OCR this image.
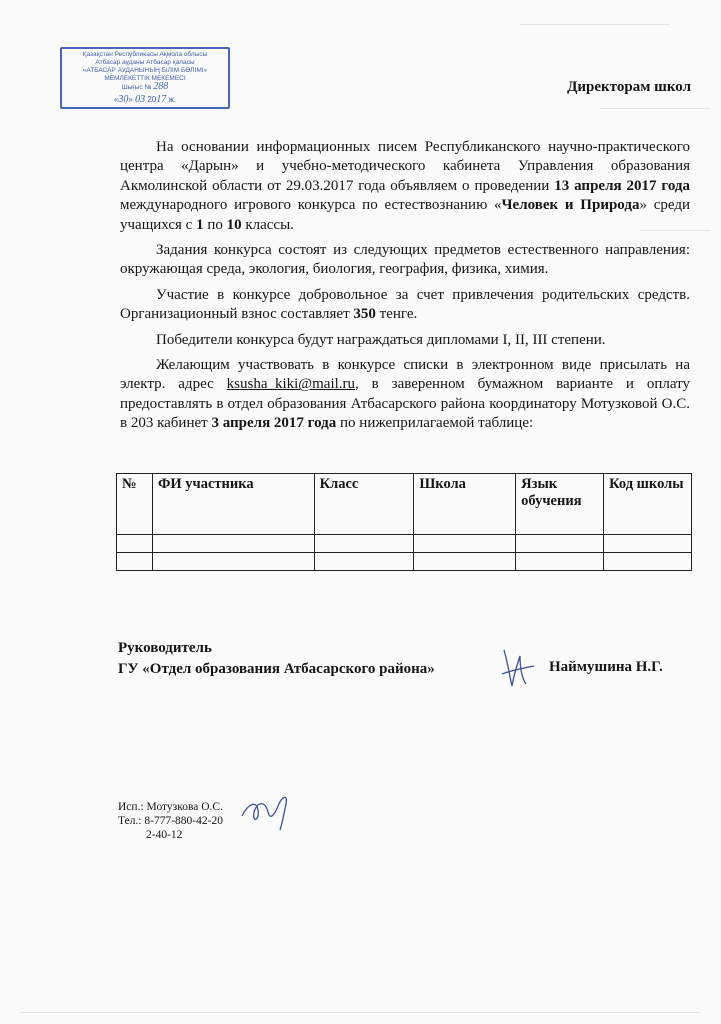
Қазақстан Республикасы Ақмола облысы
Атбасар ауданы Атбасар қаласы
«АТБАСАР АУДАНЫНЫҢ БІЛІМ БӨЛІМІ»
МЕМЛЕКЕТТІК МЕКЕМЕСІ
Шығыс № 288
«30» 03 2017 ж.
Директорам школ

На основании информационных писем Республиканского научно-практического центра «Дарын» и учебно-методического кабинета Управления образования Акмолинской области от 29.03.2017 года объявляем о проведении 13 апреля 2017 года международного игрового конкурса по естествознанию «Человек и Природа» среди учащихся с 1 по 10 классы.

Задания конкурса состоят из следующих предметов естественного направления: окружающая среда, экология, биология, география, физика, химия.

Участие в конкурсе добровольное за счет привлечения родительских средств. Организационный взнос составляет 350 тенге.

Победители конкурса будут награждаться дипломами I, II, III степени.

Желающим участвовать в конкурсе списки в электронном виде присылать на электр. адрес ksusha_kiki@mail.ru, в заверенном бумажном варианте и оплату предоставлять в отдел образования Атбасарского района координатору Мотузковой О.С. в 203 кабинет 3 апреля 2017 года по нижеприлагаемой таблице:

№	ФИ участника	Класс	Школа	Язык обучения	Код школы

Руководитель
ГУ «Отдел образования Атбасарского района»	Наймушина Н.Г.
Исп.: Мотузкова О.С.
Тел.: 8-777-880-42-20
2-40-12
